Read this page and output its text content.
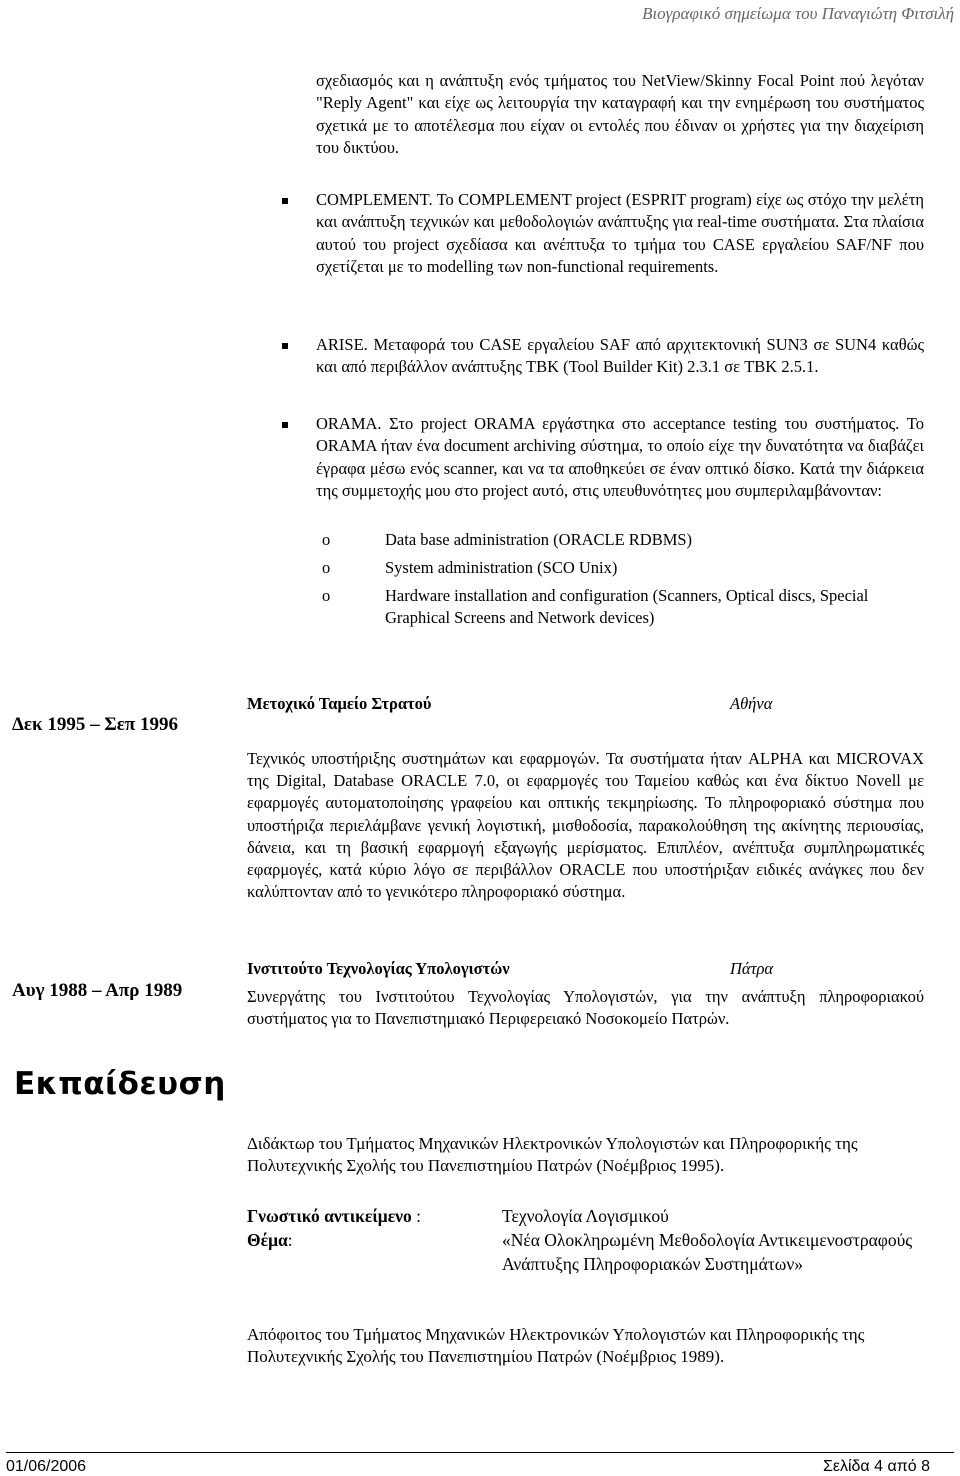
Βιογραφικό σημείωμα του Παναγιώτη Φιτσιλή

σχεδιασμός και η ανάπτυξη ενός τμήματος του NetView/Skinny Focal Point πού λεγόταν "Reply Agent" και είχε ως λειτουργία την καταγραφή και την ενημέρωση του συστήματος σχετικά με το αποτέλεσμα που είχαν οι εντολές που έδιναν οι χρήστες για την διαχείριση του δικτύου.

COMPLEMENT. To COMPLEMENT project (ESPRIT program) είχε ως στόχο την μελέτη και ανάπτυξη τεχνικών και μεθοδολογιών ανάπτυξης για real-time συστήματα. Στα πλαίσια αυτού του project σχεδίασα και ανέπτυξα το τμήμα του CASE εργαλείου SAF/NF που σχετίζεται με το modelling των non-functional requirements.

ARISE. Μεταφορά του CASE εργαλείου SAF από αρχιτεκτονική SUN3 σε SUN4 καθώς και από περιβάλλον ανάπτυξης TBK (Tool Builder Kit) 2.3.1 σε TBK 2.5.1.

ORAMA. Στο project ORAMA εργάστηκα στο acceptance testing του συστήματος. To ORAMA ήταν ένα document archiving σύστημα, το οποίο είχε την δυνατότητα να διαβάζει έγραφα μέσω ενός scanner, και να τα αποθηκεύει σε έναν οπτικό δίσκο. Κατά την διάρκεια της συμμετοχής μου στο project αυτό, στις υπευθυνότητες μου συμπεριλαμβάνονταν:

o	Data base administration (ORACLE RDBMS)

o	System administration (SCO Unix)

o	Hardware installation and configuration (Scanners, Optical discs, Special Graphical Screens and Network devices)

Δεκ 1995 – Σεπ 1996
Μετοχικό Ταμείο Στρατού	Αθήνα

Τεχνικός υποστήριξης συστημάτων και εφαρμογών. Τα συστήματα ήταν ALPHA και MICROVAX της Digital, Database ORACLE 7.0, οι εφαρμογές του Ταμείου καθώς και ένα δίκτυο Novell με εφαρμογές αυτοματοποίησης γραφείου και οπτικής τεκμηρίωσης. Το πληροφοριακό σύστημα που υποστήριζα περιελάμβανε γενική λογιστική, μισθοδοσία, παρακολούθηση της ακίνητης περιουσίας, δάνεια, και τη βασική εφαρμογή εξαγωγής μερίσματος. Επιπλέον, ανέπτυξα συμπληρωματικές εφαρμογές, κατά κύριο λόγο σε περιβάλλον ORACLE που υποστήριξαν ειδικές ανάγκες που δεν καλύπτονταν από το γενικότερο πληροφοριακό σύστημα.

Αυγ 1988 – Απρ 1989
Ινστιτούτο Τεχνολογίας Υπολογιστών	Πάτρα

Συνεργάτης του Ινστιτούτου Τεχνολογίας Υπολογιστών, για την ανάπτυξη πληροφοριακού συστήματος για το Πανεπιστημιακό Περιφερειακό Νοσοκομείο Πατρών.

Εκπαίδευση

Διδάκτωρ του Τμήματος Μηχανικών Ηλεκτρονικών Υπολογιστών και Πληροφορικής της Πολυτεχνικής Σχολής του Πανεπιστημίου Πατρών (Νοέμβριος 1995).

Γνωστικό αντικείμενο :	Τεχνολογία Λογισμικού

Θέμα:	«Νέα Ολοκληρωμένη Μεθοδολογία Αντικειμενοστραφούς Ανάπτυξης Πληροφοριακών Συστημάτων»

Απόφοιτος του Τμήματος Μηχανικών Ηλεκτρονικών Υπολογιστών και Πληροφορικής της Πολυτεχνικής Σχολής του Πανεπιστημίου Πατρών (Νοέμβριος 1989).

01/06/2006	Σελίδα 4 από 8
